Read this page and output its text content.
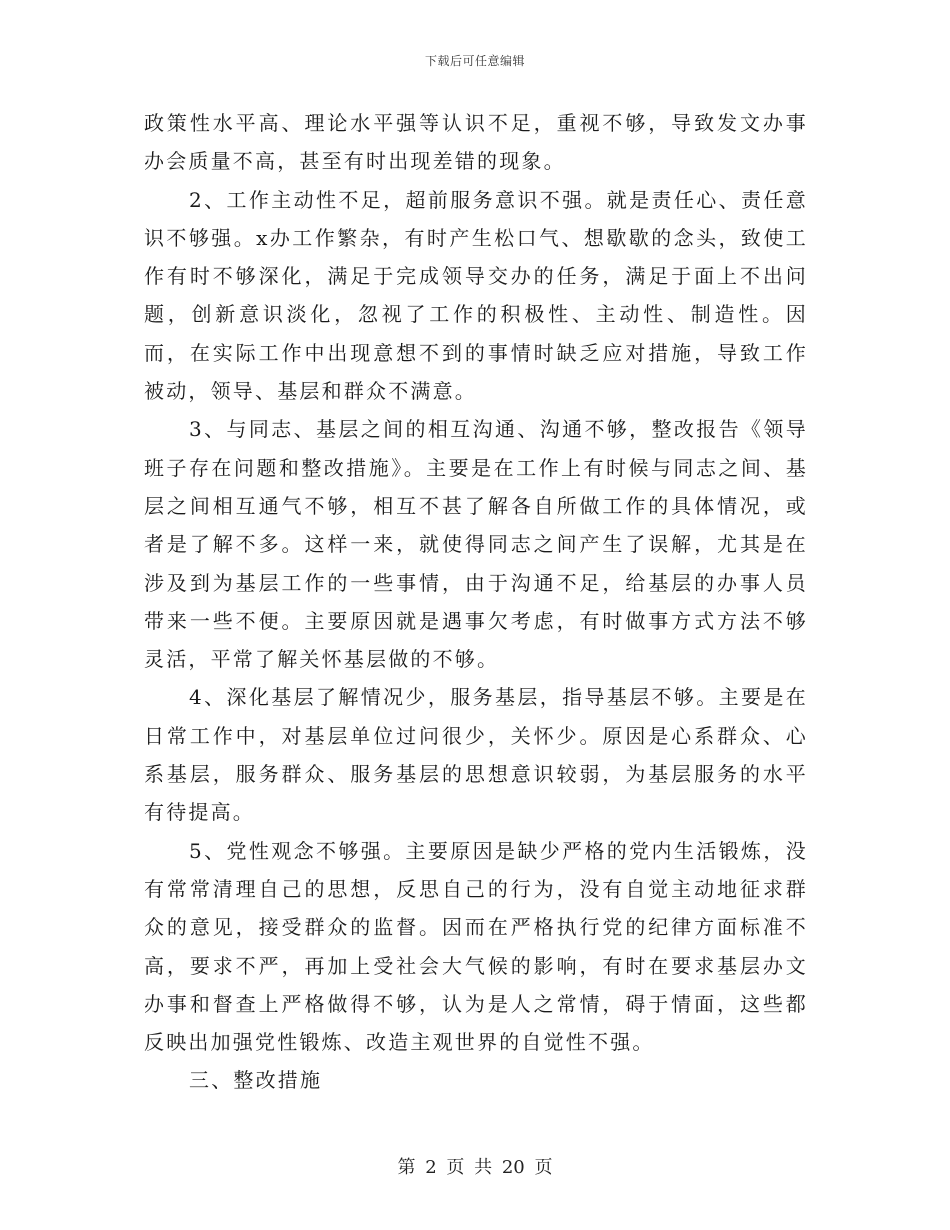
下载后可任意编辑

政策性水平高、理论水平强等认识不足，重视不够，导致发文办事办会质量不高，甚至有时出现差错的现象。

2、工作主动性不足，超前服务意识不强。就是责任心、责任意识不够强。x办工作繁杂，有时产生松口气、想歇歇的念头，致使工作有时不够深化，满足于完成领导交办的任务，满足于面上不出问题，创新意识淡化，忽视了工作的积极性、主动性、制造性。因而，在实际工作中出现意想不到的事情时缺乏应对措施，导致工作被动，领导、基层和群众不满意。

3、与同志、基层之间的相互沟通、沟通不够，整改报告《领导班子存在问题和整改措施》。主要是在工作上有时候与同志之间、基层之间相互通气不够，相互不甚了解各自所做工作的具体情况，或者是了解不多。这样一来，就使得同志之间产生了误解，尤其是在涉及到为基层工作的一些事情，由于沟通不足，给基层的办事人员带来一些不便。主要原因就是遇事欠考虑，有时做事方式方法不够灵活，平常了解关怀基层做的不够。

4、深化基层了解情况少，服务基层，指导基层不够。主要是在日常工作中，对基层单位过问很少，关怀少。原因是心系群众、心系基层，服务群众、服务基层的思想意识较弱，为基层服务的水平有待提高。

5、党性观念不够强。主要原因是缺少严格的党内生活锻炼，没有常常清理自己的思想，反思自己的行为，没有自觉主动地征求群众的意见，接受群众的监督。因而在严格执行党的纪律方面标准不高，要求不严，再加上受社会大气候的影响，有时在要求基层办文办事和督查上严格做得不够，认为是人之常情，碍于情面，这些都反映出加强党性锻炼、改造主观世界的自觉性不强。

三、整改措施

第 2 页 共 20 页
